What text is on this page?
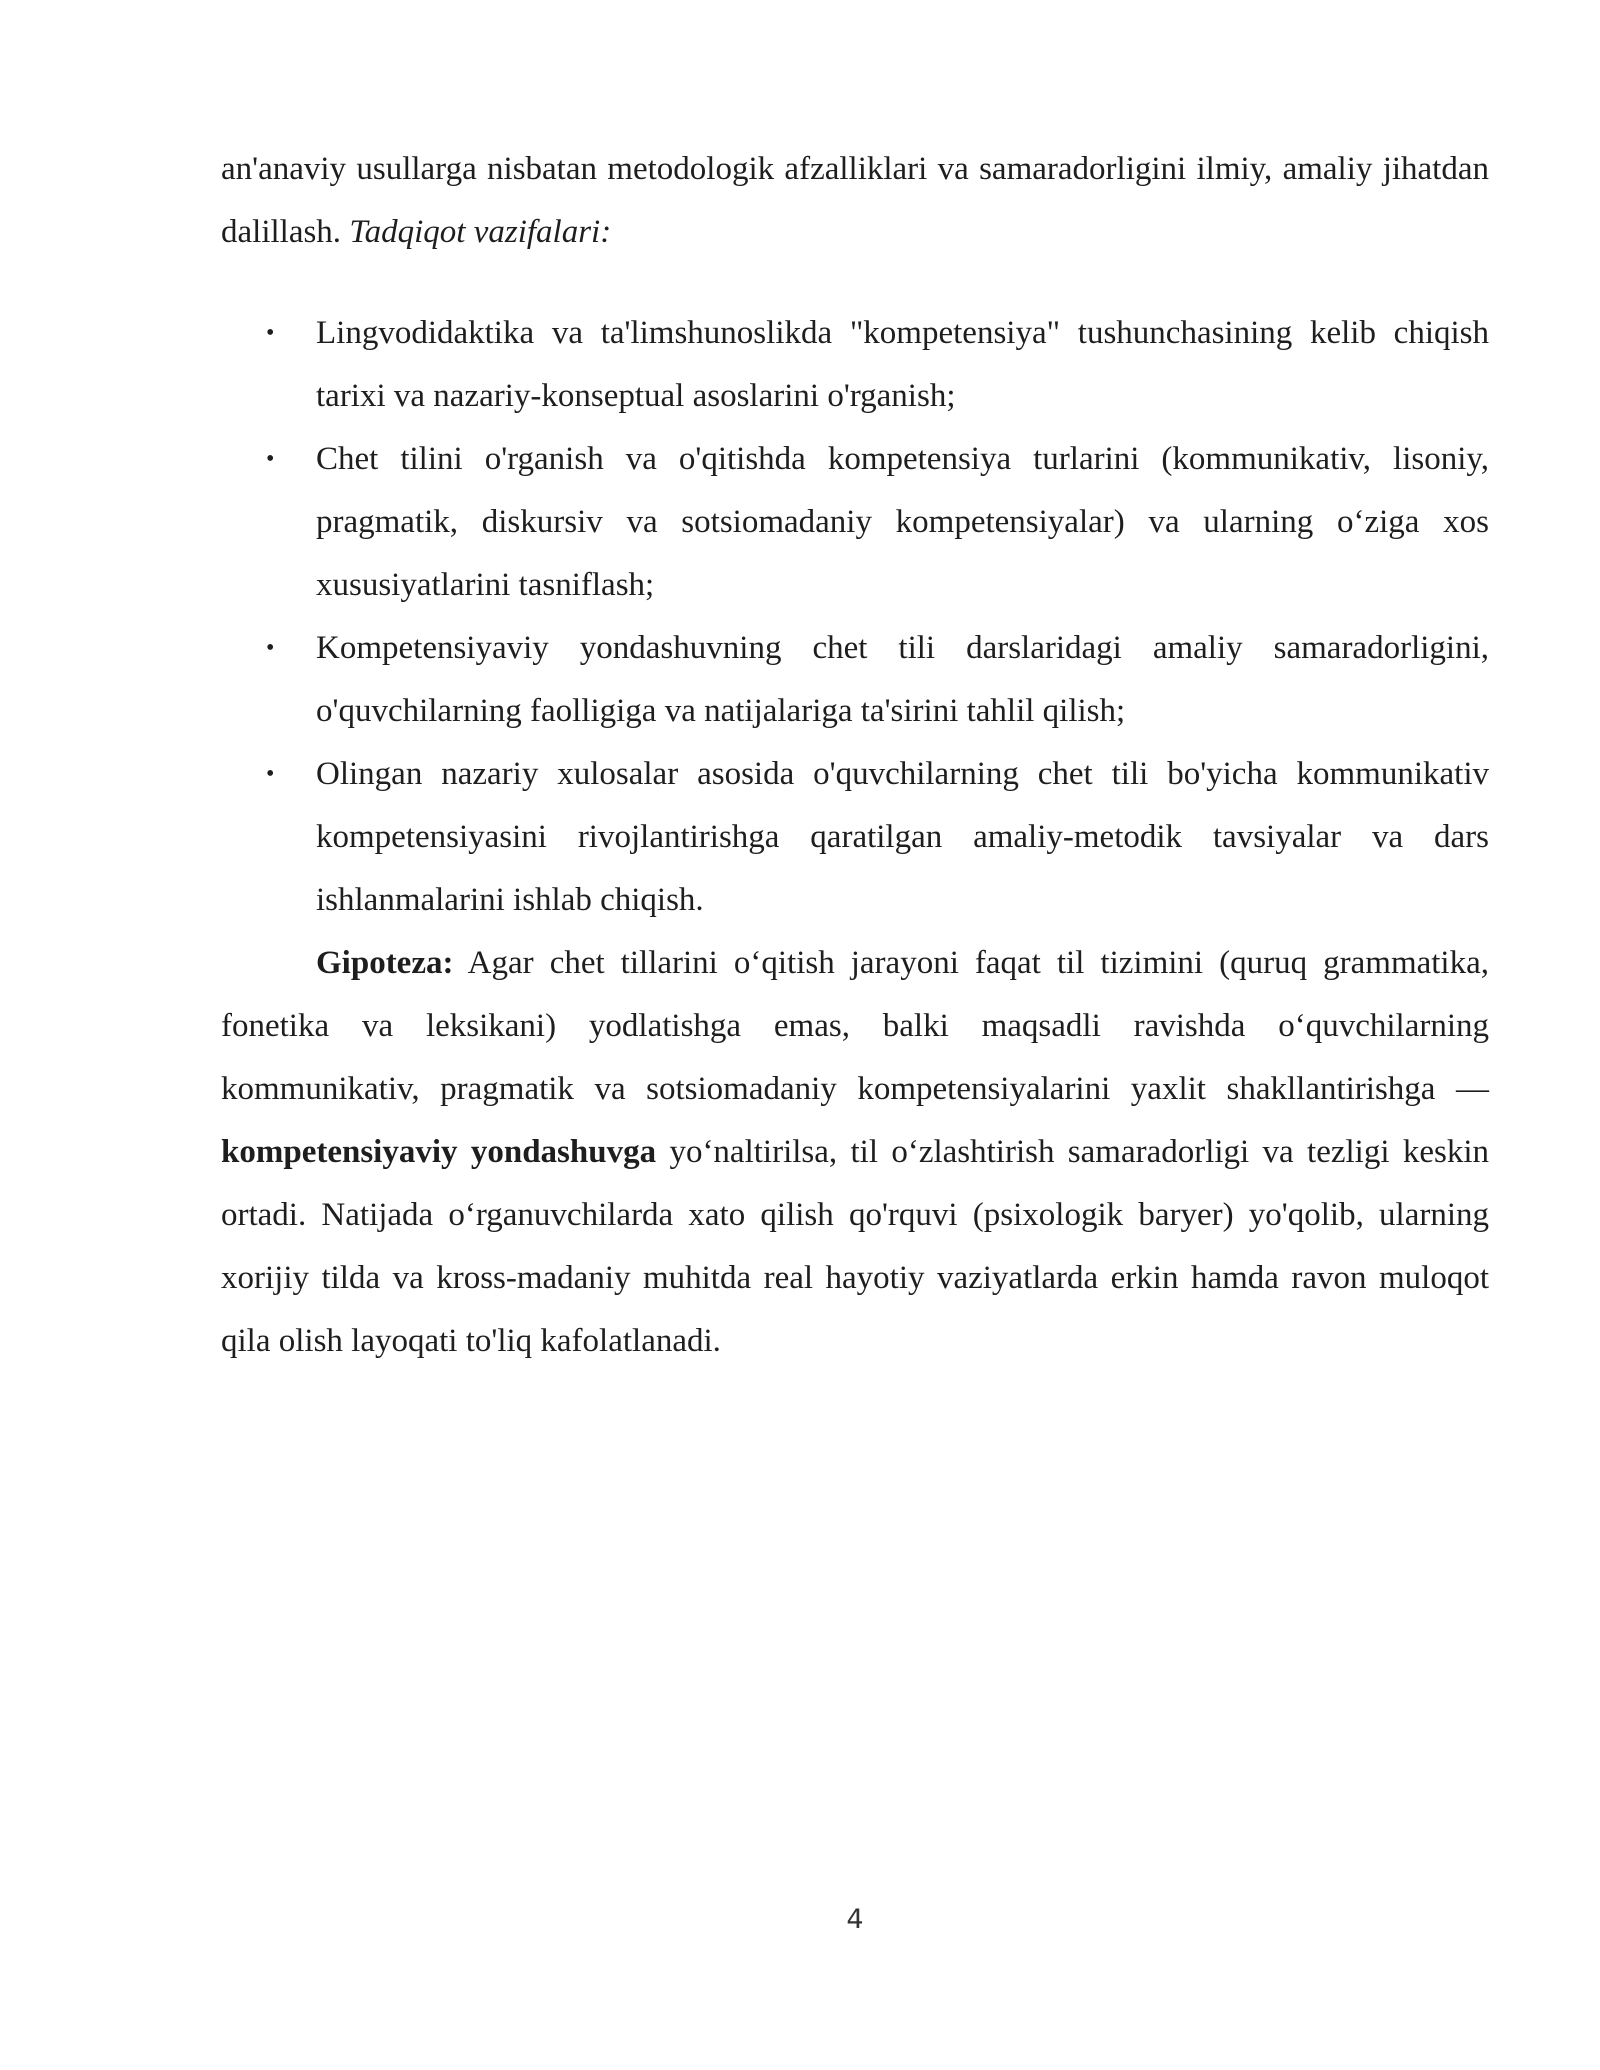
an'anaviy usullarga nisbatan metodologik afzalliklari va samaradorligini ilmiy, amaliy jihatdan dalillash. Tadqiqot vazifalari:

• Lingvodidaktika va ta'limshunoslikda "kompetensiya" tushunchasining kelib chiqish tarixi va nazariy-konseptual asoslarini o'rganish;
• Chet tilini o'rganish va o'qitishda kompetensiya turlarini (kommunikativ, lisoniy, pragmatik, diskursiv va sotsiomadaniy kompetensiyalar) va ularning o‘ziga xos xususiyatlarini tasniflash;
• Kompetensiyaviy yondashuvning chet tili darslaridagi amaliy samaradorligini, o'quvchilarning faolligiga va natijalariga ta'sirini tahlil qilish;
• Olingan nazariy xulosalar asosida o'quvchilarning chet tili bo'yicha kommunikativ kompetensiyasini rivojlantirishga qaratilgan amaliy-metodik tavsiyalar va dars ishlanmalarini ishlab chiqish.

Gipoteza: Agar chet tillarini o‘qitish jarayoni faqat til tizimini (quruq grammatika, fonetika va leksikani) yodlatishga emas, balki maqsadli ravishda o‘quvchilarning kommunikativ, pragmatik va sotsiomadaniy kompetensiyalarini yaxlit shakllantirishga — kompetensiyaviy yondashuvga yo‘naltirilsa, til o‘zlashtirish samaradorligi va tezligi keskin ortadi. Natijada o‘rganuvchilarda xato qilish qo'rquvi (psixologik baryer) yo'qolib, ularning xorijiy tilda va kross-madaniy muhitda real hayotiy vaziyatlarda erkin hamda ravon muloqot qila olish layoqati to'liq kafolatlanadi.

4
